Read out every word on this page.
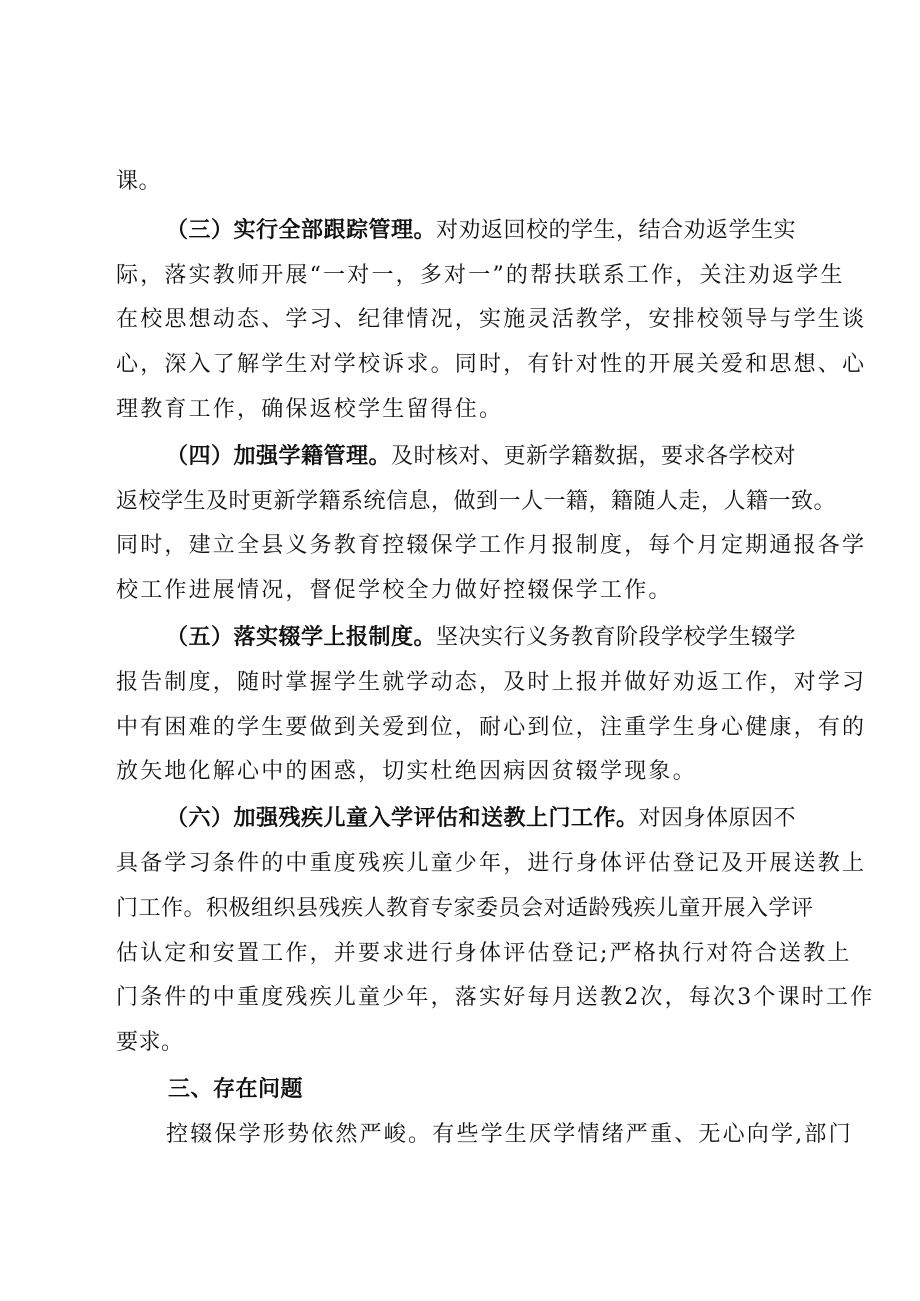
课。
（三）实行全部跟踪管理。对劝返回校的学生，结合劝返学生实
际，落实教师开展“一对一，多对一”的帮扶联系工作，关注劝返学生
在校思想动态、学习、纪律情况，实施灵活教学，安排校领导与学生谈
心，深入了解学生对学校诉求。同时，有针对性的开展关爱和思想、心
理教育工作，确保返校学生留得住。
（四）加强学籍管理。及时核对、更新学籍数据，要求各学校对
返校学生及时更新学籍系统信息，做到一人一籍，籍随人走，人籍一致。
同时，建立全县义务教育控辍保学工作月报制度，每个月定期通报各学
校工作进展情况，督促学校全力做好控辍保学工作。
（五）落实辍学上报制度。坚决实行义务教育阶段学校学生辍学
报告制度，随时掌握学生就学动态，及时上报并做好劝返工作，对学习
中有困难的学生要做到关爱到位，耐心到位，注重学生身心健康，有的
放矢地化解心中的困惑，切实杜绝因病因贫辍学现象。
（六）加强残疾儿童入学评估和送教上门工作。对因身体原因不
具备学习条件的中重度残疾儿童少年，进行身体评估登记及开展送教上
门工作。积极组织县残疾人教育专家委员会对适龄残疾儿童开展入学评
估认定和安置工作，并要求进行身体评估登记;严格执行对符合送教上
门条件的中重度残疾儿童少年，落实好每月送教2次，每次3个课时工作
要求。
三、存在问题
控辍保学形势依然严峻。有些学生厌学情绪严重、无心向学,部门
